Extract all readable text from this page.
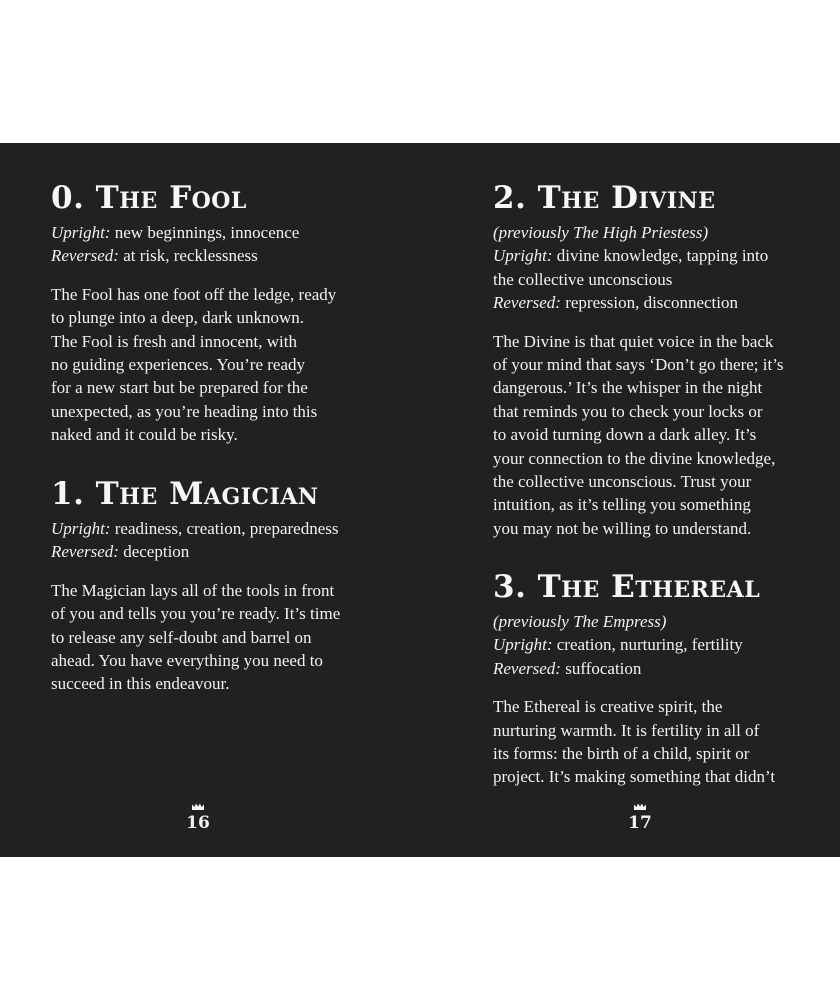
0. The Fool
Upright: new beginnings, innocence
Reversed: at risk, recklessness
The Fool has one foot off the ledge, ready
to plunge into a deep, dark unknown.
The Fool is fresh and innocent, with
no guiding experiences. You’re ready
for a new start but be prepared for the
unexpected, as you’re heading into this
naked and it could be risky.
1. The Magician
Upright: readiness, creation, preparedness
Reversed: deception
The Magician lays all of the tools in front
of you and tells you you’re ready. It’s time
to release any self-doubt and barrel on
ahead. You have everything you need to
succeed in this endeavour.
16
2. The Divine
(previously The High Priestess)
Upright: divine knowledge, tapping into
the collective unconscious
Reversed: repression, disconnection
The Divine is that quiet voice in the back
of your mind that says ‘Don’t go there; it’s
dangerous.’ It’s the whisper in the night
that reminds you to check your locks or
to avoid turning down a dark alley. It’s
your connection to the divine knowledge,
the collective unconscious. Trust your
intuition, as it’s telling you something
you may not be willing to understand.
3. The Ethereal
(previously The Empress)
Upright: creation, nurturing, fertility
Reversed: suffocation
The Ethereal is creative spirit, the
nurturing warmth. It is fertility in all of
its forms: the birth of a child, spirit or
project. It’s making something that didn’t
17
